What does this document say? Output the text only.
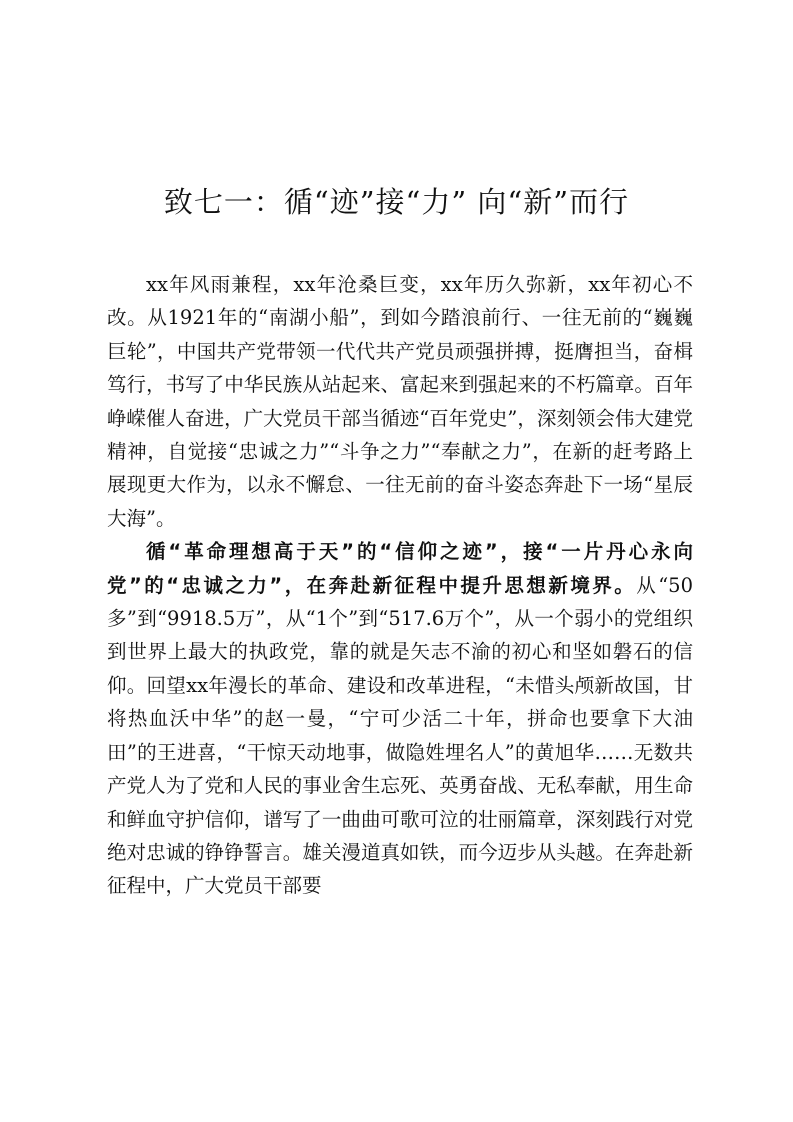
致七一：循“迹”接“力” 向“新”而行

xx年风雨兼程，xx年沧桑巨变，xx年历久弥新，xx年初心不改。从1921年的“南湖小船”，到如今踏浪前行、一往无前的“巍巍巨轮”，中国共产党带领一代代共产党员顽强拼搏，挺膺担当，奋楫笃行，书写了中华民族从站起来、富起来到强起来的不朽篇章。百年峥嵘催人奋进，广大党员干部当循迹“百年党史”，深刻领会伟大建党精神，自觉接“忠诚之力”“斗争之力”“奉献之力”，在新的赶考路上展现更大作为，以永不懈怠、一往无前的奋斗姿态奔赴下一场“星辰大海”。

循“革命理想高于天”的“信仰之迹”，接“一片丹心永向党”的“忠诚之力”，在奔赴新征程中提升思想新境界。从“50多”到“9918.5万”，从“1个”到“517.6万个”，从一个弱小的党组织到世界上最大的执政党，靠的就是矢志不渝的初心和坚如磐石的信仰。回望xx年漫长的革命、建设和改革进程，“未惜头颅新故国，甘将热血沃中华”的赵一曼，“宁可少活二十年，拼命也要拿下大油田”的王进喜，“干惊天动地事，做隐姓埋名人”的黄旭华……无数共产党人为了党和人民的事业舍生忘死、英勇奋战、无私奉献，用生命和鲜血守护信仰，谱写了一曲曲可歌可泣的壮丽篇章，深刻践行对党绝对忠诚的铮铮誓言。雄关漫道真如铁，而今迈步从头越。在奔赴新征程中，广大党员干部要
